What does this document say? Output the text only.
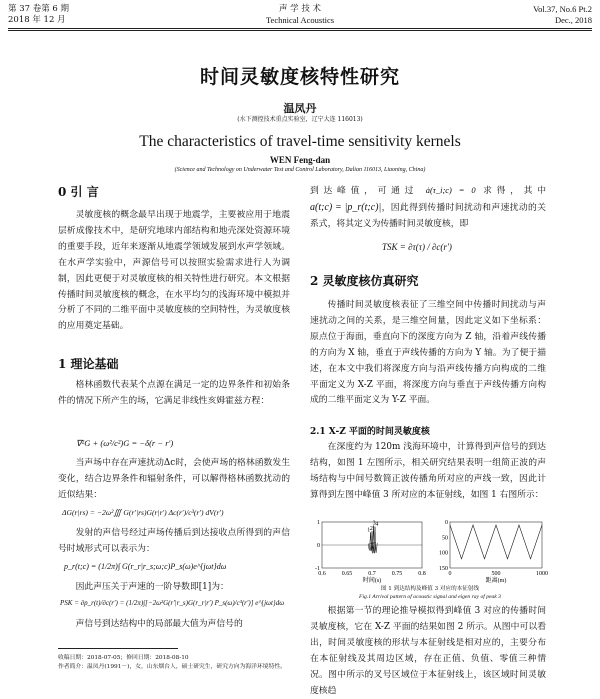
第 37 卷第 6 期
2018 年 12 月
声 学 技 术
Technical Acoustics
Vol.37, No.6 Pt.2
Dec., 2018
时间灵敏度核特性研究
温凤丹
(水下测控技术重点实验室，辽宁大连 116013)
The characteristics of travel-time sensitivity kernels
WEN Feng-dan
(Science and Technology on Underwater Test and Control Laboratory, Dalian 116013, Liaoning, China)
0 引 言

灵敏度核的概念最早出现于地震学，主要被应用于地震层析成像技术中，是研究地球内部结构和地壳深处资源环境的重要手段，近年来逐渐从地震学领域发展到水声学领域。在水声学实验中，声源信号可以按照实验需求进行人为调制，因此更便于对灵敏度核的相关特性进行研究。本文根据传播时间灵敏度核的概念，在水平均匀的浅海环境中模拟并分析了不同的二维平面中灵敏度核的空间特性，为灵敏度核的应用奠定基础。

1 理论基础

格林函数代表某个点源在满足一定的边界条件和初始条件的情况下所产生的场，它满足非线性亥姆霍兹方程：

∇²G + (ω²/c²)G = −δ(r − r′)

当声场中存在声速扰动Δc时，会使声场的格林函数发生变化，结合边界条件和辐射条件，可以解得格林函数扰动的近似结果：

ΔG(r|rs) = −2ω²∭ G(r′|rs)G(r|r′) Δc(r′)/c³(r′) dV(r′)

发射的声信号经过声场传播后到达接收点所得到的声信号时域形式可以表示为：

p_r(t;c) = (1/2π)∫ G(r_r|r_s;ω;c)P_s(ω)e^{jωt}dω

因此声压关于声速的一阶导数即[1]为：

PSK = ∂p_r(t)/∂c(r′) = (1/2π)∫[−2ω²G(r′|r_s)G(r_r|r′) P_s(ω)/c³(r′)] e^{jωt}dω

声信号到达结构中的局部最大值为声信号的

收稿日期：2018-07-05；修回日期：2018-08-10
作者简介：温凤丹(1991－)，女，山东烟台人，硕士研究生，研究方向为海洋环境特性。
到达峰值，可通过 ȧ(τ_i;c) = 0 求得，其中 a(t;c) = |p_r(t;c)|，因此得到传播时间扰动和声速扰动的关系式，将其定义为传播时间灵敏度核，即
TSK = ∂τ(τ) / ∂c(r′)
2 灵敏度核仿真研究

传播时间灵敏度核表征了三维空间中传播时间扰动与声速扰动之间的关系，是三维空间量，因此定义如下坐标系：原点位于海面，垂直向下的深度方向为 Z 轴，沿着声线传播的方向为 X 轴，垂直于声线传播的方向为 Y 轴。为了便于描述，在本文中我们将深度方向与沿声线传播方向构成的二维平面定义为 X-Z 平面，将深度方向与垂直于声线传播方向构成的二维平面定义为 Y-Z 平面。

2.1 X-Z 平面的时间灵敏度核

在深度约为 120m 浅海环境中，计算得到声信号的到达结构，如图 1 左图所示，相关研究结果表明一组简正波的声场结构与中间号数简正波传播角所对应的声线一致，因此计算得到左图中峰值 3 所对应的本征射线，如图 1 右图所示：

0.6	0.65	0.7	0.75	0.8
1
0
-1
1 2
3 4
时间(s)
0	500	1000
0
50
100
150
距离(m)
图 1 到达结构及峰值 3 对应的本征射线
Fig.1 Arrival pattern of acoustic signal and eigen ray of peak 3

根据第一节的理论推导模拟得到峰值 3 对应的传播时间灵敏度核，它在 X-Z 平面的结果如图 2 所示。从图中可以看出，时间灵敏度核的形状与本征射线是相对应的，主要分布在本征射线及其周边区域，存在正值、负值、零值三种情况。图中所示的叉号区域位于本征射线上，该区域时间灵敏度核趋
